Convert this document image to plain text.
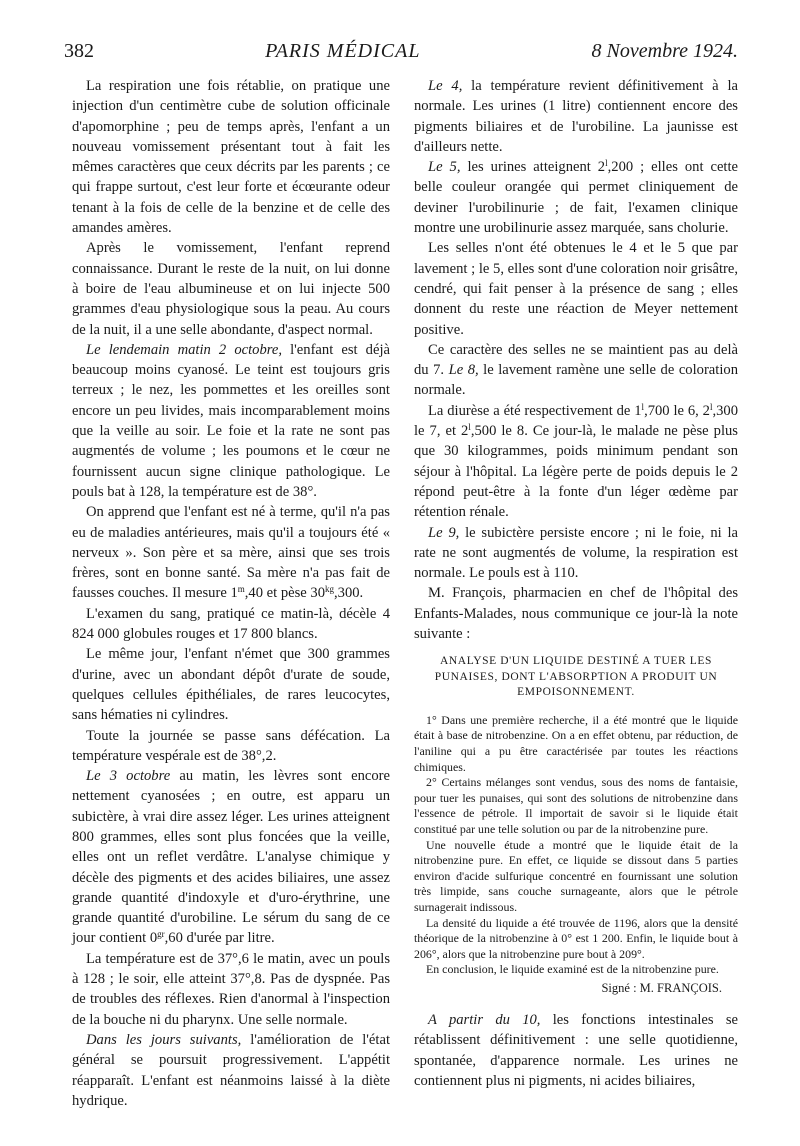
382	PARIS MÉDICAL	8 Novembre 1924.

La respiration une fois rétablie, on pratique une injection d'un centimètre cube de solution officinale d'apomorphine ; peu de temps après, l'enfant a un nouveau vomissement présentant tout à fait les mêmes caractères que ceux décrits par les parents ; ce qui frappe surtout, c'est leur forte et écœurante odeur tenant à la fois de celle de la benzine et de celle des amandes amères.

Après le vomissement, l'enfant reprend connaissance. Durant le reste de la nuit, on lui donne à boire de l'eau albumineuse et on lui injecte 500 grammes d'eau physiologique sous la peau. Au cours de la nuit, il a une selle abondante, d'aspect normal.

Le lendemain matin 2 octobre, l'enfant est déjà beaucoup moins cyanosé. Le teint est toujours gris terreux ; le nez, les pommettes et les oreilles sont encore un peu livides, mais incomparablement moins que la veille au soir. Le foie et la rate ne sont pas augmentés de volume ; les poumons et le cœur ne fournissent aucun signe clinique pathologique. Le pouls bat à 128, la température est de 38°.

On apprend que l'enfant est né à terme, qu'il n'a pas eu de maladies antérieures, mais qu'il a toujours été « nerveux ». Son père et sa mère, ainsi que ses trois frères, sont en bonne santé. Sa mère n'a pas fait de fausses couches. Il mesure 1$^m$,40 et pèse $30^{kg},300$.

L'examen du sang, pratiqué ce matin-là, décèle 4 824 000 globules rouges et 17 800 blancs.

Le même jour, l'enfant n'émet que 300 grammes d'urine, avec un abondant dépôt d'urate de soude, quelques cellules épithéliales, de rares leucocytes, sans hématies ni cylindres.

Toute la journée se passe sans défécation. La température vespérale est de 38°,2.

Le 3 octobre au matin, les lèvres sont encore nettement cyanosées ; en outre, est apparu un subictère, à vrai dire assez léger. Les urines atteignent 800 grammes, elles sont plus foncées que la veille, elles ont un reflet verdâtre. L'analyse chimique y décèle des pigments et des acides biliaires, une assez grande quantité d'indoxyle et d'uro-érythrine, une grande quantité d'urobiline. Le sérum du sang de ce jour contient $0^{gr},60$ d'urée par litre.

La température est de 37°,6 le matin, avec un pouls à 128 ; le soir, elle atteint 37°,8. Pas de dyspnée. Pas de troubles des réflexes. Rien d'anormal à l'inspection de la bouche ni du pharynx. Une selle normale.

Dans les jours suivants, l'amélioration de l'état général se poursuit progressivement. L'appétit réapparaît. L'enfant est néanmoins laissé à la diète hydrique.

Le 4, la température revient définitivement à la normale. Les urines (1 litre) contiennent encore des pigments biliaires et de l'urobiline. La jaunisse est d'ailleurs nette.

Le 5, les urines atteignent 2$^l$,200 ; elles ont cette belle couleur orangée qui permet cliniquement de deviner l'urobilinurie ; de fait, l'examen clinique montre une urobilinurie assez marquée, sans cholurie.

Les selles n'ont été obtenues le 4 et le 5 que par lavement ; le 5, elles sont d'une coloration noir grisâtre, cendré, qui fait penser à la présence de sang ; elles donnent du reste une réaction de Meyer nettement positive.

Ce caractère des selles ne se maintient pas au delà du 7. Le 8, le lavement ramène une selle de coloration normale.

La diurèse a été respectivement de 1$^l$,700 le 6, 2$^l$,300 le 7, et 2$^l$,500 le 8. Ce jour-là, le malade ne pèse plus que 30 kilogrammes, poids minimum pendant son séjour à l'hôpital. La légère perte de poids depuis le 2 répond peut-être à la fonte d'un léger œdème par rétention rénale.

Le 9, le subictère persiste encore ; ni le foie, ni la rate ne sont augmentés de volume, la respiration est normale. Le pouls est à 110.

M. François, pharmacien en chef de l'hôpital des Enfants-Malades, nous communique ce jour-là la note suivante :

ANALYSE D'UN LIQUIDE DESTINÉ A TUER LES PUNAISES, DONT L'ABSORPTION A PRODUIT UN EMPOISONNEMENT.

1° Dans une première recherche, il a été montré que le liquide était à base de nitrobenzine. On a en effet obtenu, par réduction, de l'aniline qui a pu être caractérisée par toutes les réactions chimiques.

2° Certains mélanges sont vendus, sous des noms de fantaisie, pour tuer les punaises, qui sont des solutions de nitrobenzine dans l'essence de pétrole. Il importait de savoir si le liquide était constitué par une telle solution ou par de la nitrobenzine pure.

Une nouvelle étude a montré que le liquide était de la nitrobenzine pure. En effet, ce liquide se dissout dans 5 parties environ d'acide sulfurique concentré en fournissant une solution très limpide, sans couche surnageante, alors que le pétrole surnagerait indissous.

La densité du liquide a été trouvée de 1196, alors que la densité théorique de la nitrobenzine à 0° est 1 200. Enfin, le liquide bout à 206°, alors que la nitrobenzine pure bout à 209°.

En conclusion, le liquide examiné est de la nitrobenzine pure.

Signé : M. FRANÇOIS.

A partir du 10, les fonctions intestinales se rétablissent définitivement : une selle quotidienne, spontanée, d'apparence normale. Les urines ne contiennent plus ni pigments, ni acides biliaires,
